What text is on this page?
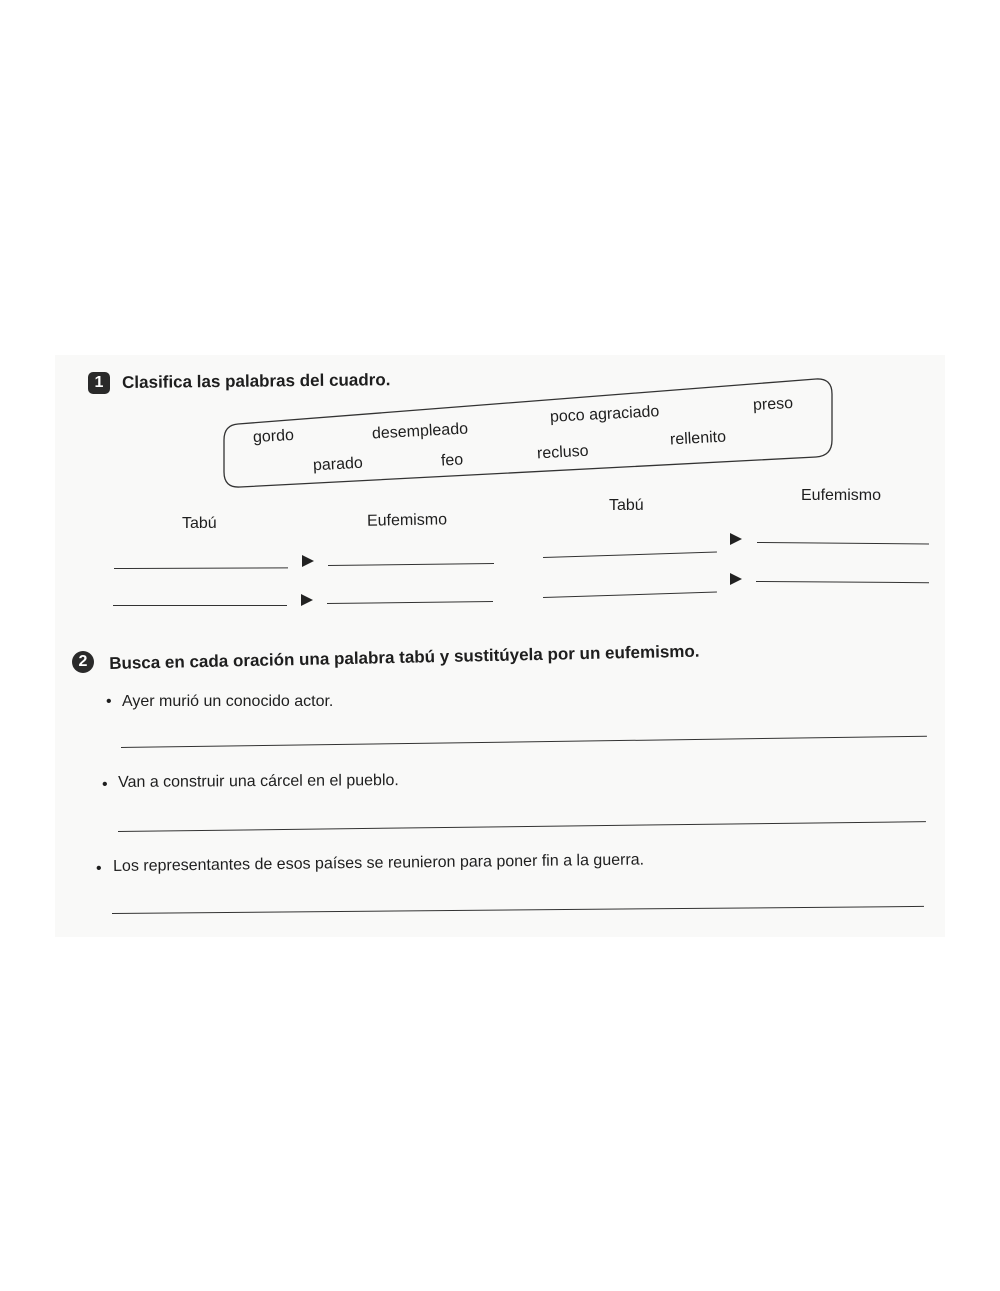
1	Clasifica las palabras del cuadro.
gordo	desempleado
poco agraciado	preso
parado	feo	recluso
rellenito
Tabú	Eufemismo
Tabú
Eufemismo
2	Busca en cada oración una palabra tabú y sustitúyela por un eufemismo.
• Ayer murió un conocido actor.
• Van a construir una cárcel en el pueblo.
• Los representantes de esos países se reunieron para poner fin a la guerra.
